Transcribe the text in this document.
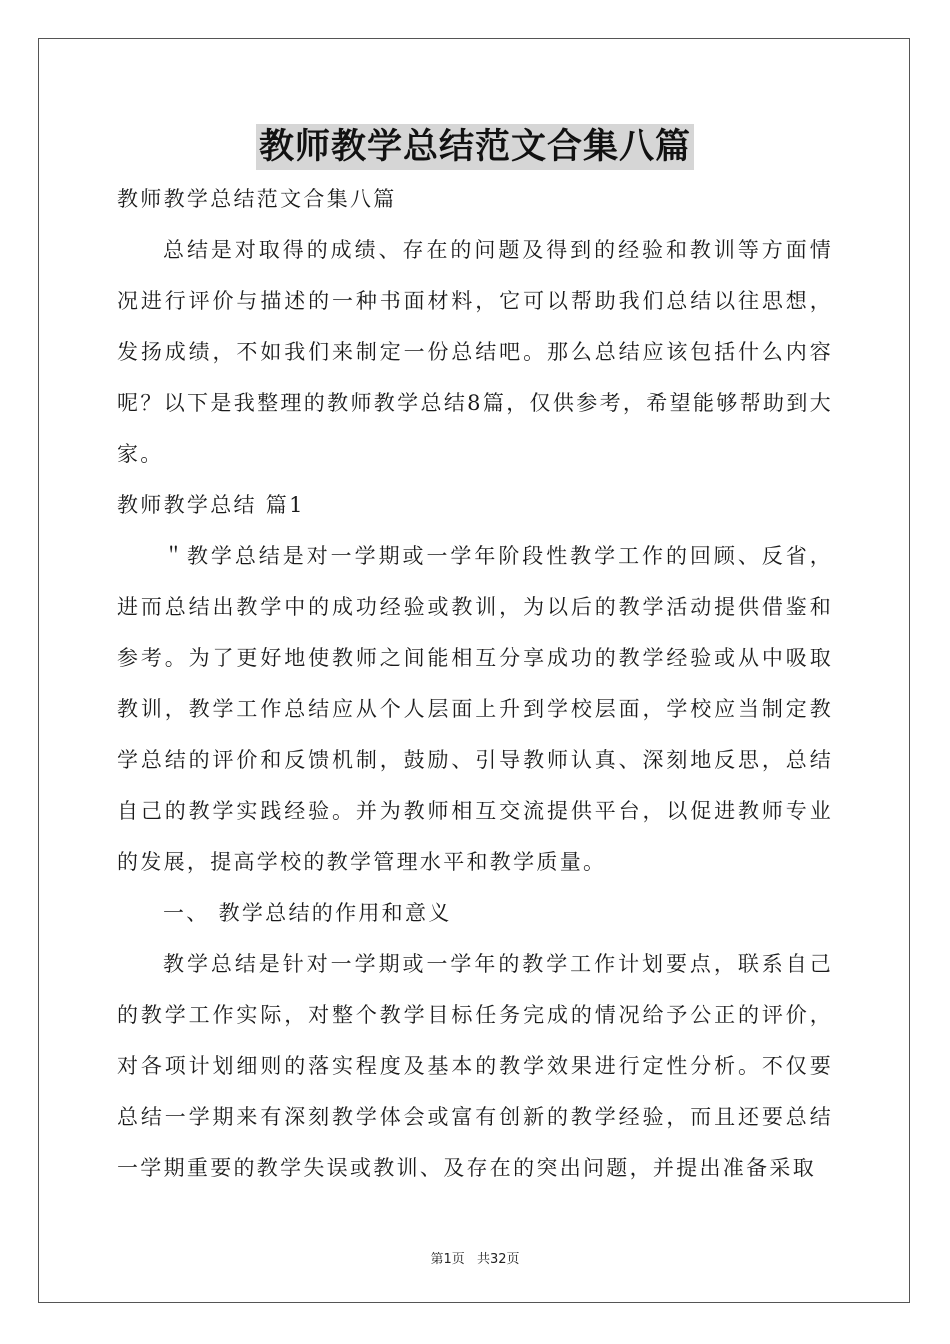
教师教学总结范文合集八篇

教师教学总结范文合集八篇

总结是对取得的成绩、存在的问题及得到的经验和教训等方面情况进行评价与描述的一种书面材料，它可以帮助我们总结以往思想，发扬成绩，不如我们来制定一份总结吧。那么总结应该包括什么内容呢？以下是我整理的教师教学总结8篇，仅供参考，希望能够帮助到大家。

教师教学总结 篇1

＂教学总结是对一学期或一学年阶段性教学工作的回顾、反省，进而总结出教学中的成功经验或教训，为以后的教学活动提供借鉴和参考。为了更好地使教师之间能相互分享成功的教学经验或从中吸取教训，教学工作总结应从个人层面上升到学校层面，学校应当制定教学总结的评价和反馈机制，鼓励、引导教师认真、深刻地反思，总结自己的教学实践经验。并为教师相互交流提供平台，以促进教师专业的发展，提高学校的教学管理水平和教学质量。

一、 教学总结的作用和意义

教学总结是针对一学期或一学年的教学工作计划要点，联系自己的教学工作实际，对整个教学目标任务完成的情况给予公正的评价，对各项计划细则的落实程度及基本的教学效果进行定性分析。不仅要总结一学期来有深刻教学体会或富有创新的教学经验，而且还要总结一学期重要的教学失误或教训、及存在的突出问题，并提出准备采取

第1页 共32页
